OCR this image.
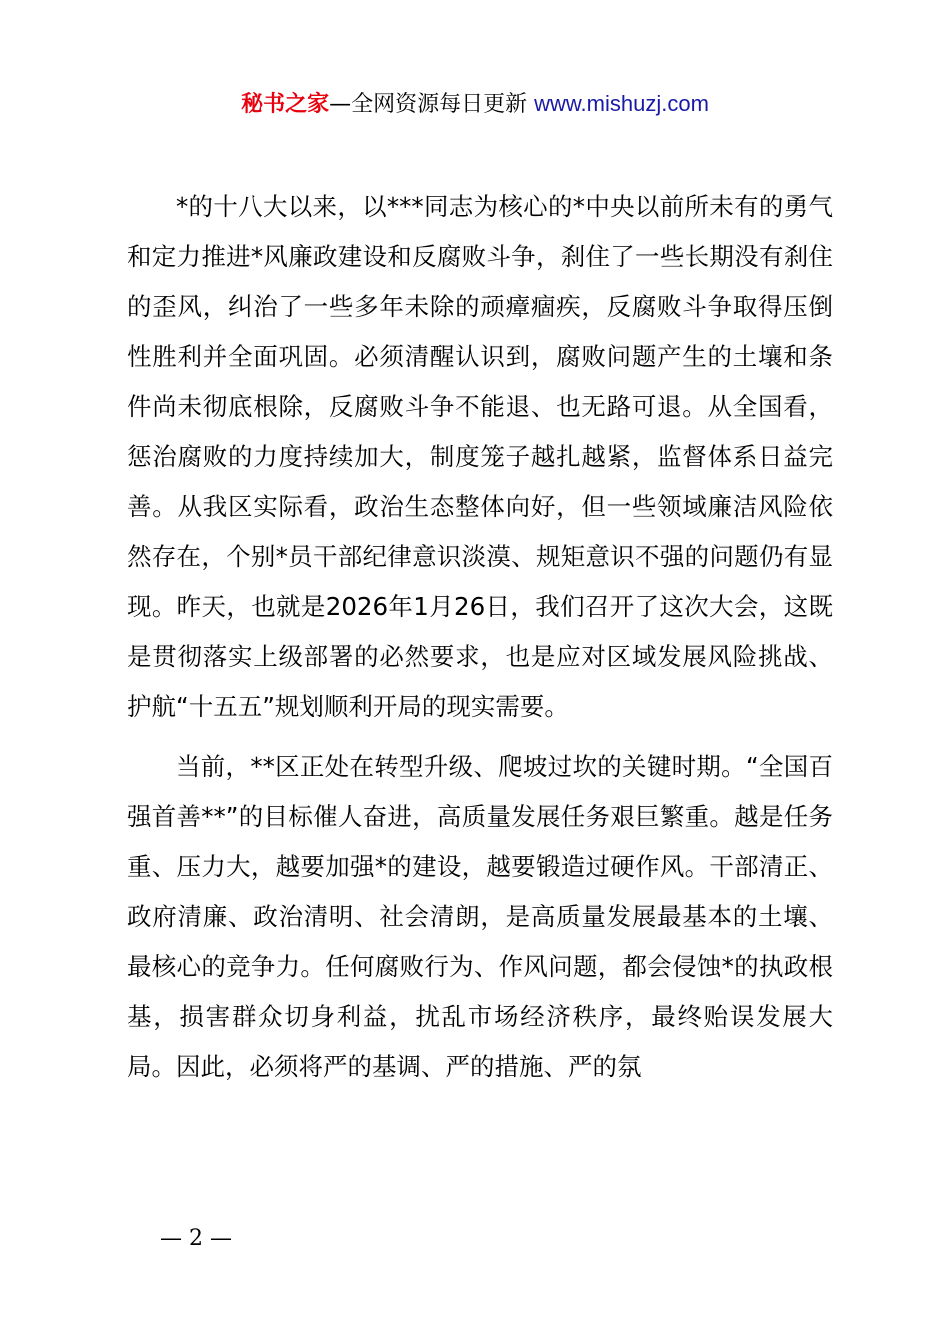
秘书之家—全网资源每日更新 www.mishuzj.com

*的十八大以来，以***同志为核心的*中央以前所未有的勇气和定力推进*风廉政建设和反腐败斗争，刹住了一些长期没有刹住的歪风，纠治了一些多年未除的顽瘴痼疾，反腐败斗争取得压倒性胜利并全面巩固。必须清醒认识到，腐败问题产生的土壤和条件尚未彻底根除，反腐败斗争不能退、也无路可退。从全国看，惩治腐败的力度持续加大，制度笼子越扎越紧，监督体系日益完善。从我区实际看，政治生态整体向好，但一些领域廉洁风险依然存在，个别*员干部纪律意识淡漠、规矩意识不强的问题仍有显现。昨天，也就是2026年1月26日，我们召开了这次大会，这既是贯彻落实上级部署的必然要求，也是应对区域发展风险挑战、护航“十五五”规划顺利开局的现实需要。

当前，**区正处在转型升级、爬坡过坎的关键时期。“全国百强首善**”的目标催人奋进，高质量发展任务艰巨繁重。越是任务重、压力大，越要加强*的建设，越要锻造过硬作风。干部清正、政府清廉、政治清明、社会清朗，是高质量发展最基本的土壤、最核心的竞争力。任何腐败行为、作风问题，都会侵蚀*的执政根基，损害群众切身利益，扰乱市场经济秩序，最终贻误发展大局。因此，必须将严的基调、严的措施、严的氛

— 2 —
